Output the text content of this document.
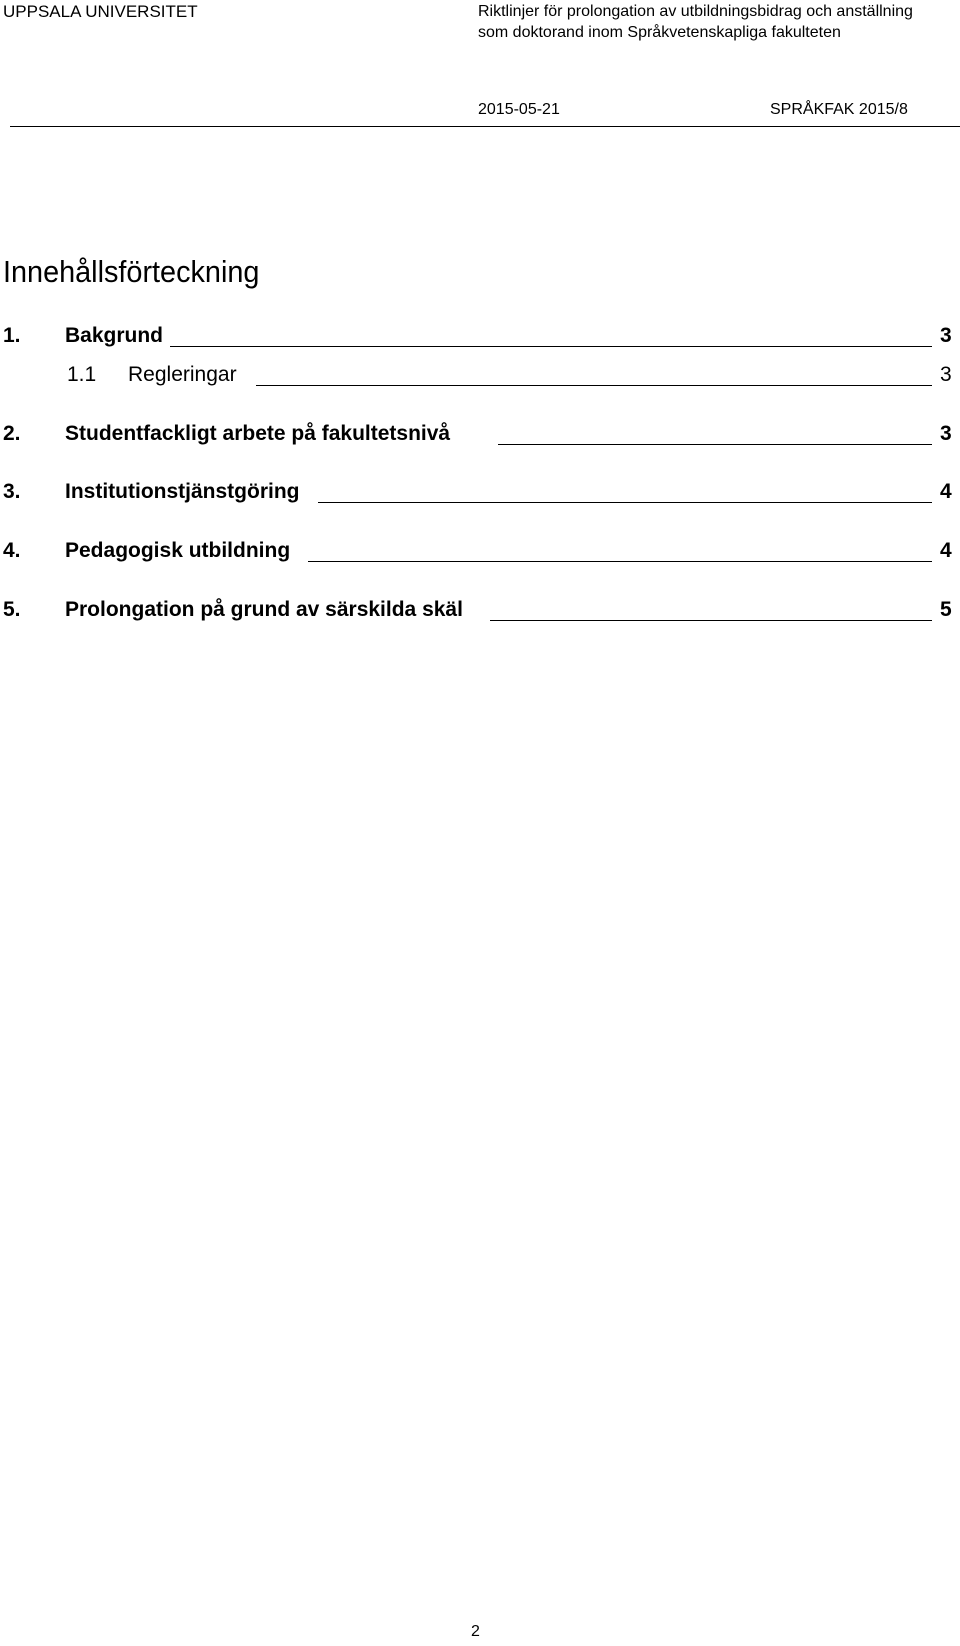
UPPSALA UNIVERSITET	Riktlinjer för prolongation av utbildningsbidrag och anställning som doktorand inom Språkvetenskapliga fakulteten
2015-05-21	SPRÅKFAK 2015/8
Innehållsförteckning
1. Bakgrund	3
1.1 Regleringar	3
2. Studentfackligt arbete på fakultetsnivå	3
3. Institutionstjänstgöring	4
4. Pedagogisk utbildning	4
5. Prolongation på grund av särskilda skäl	5
2
